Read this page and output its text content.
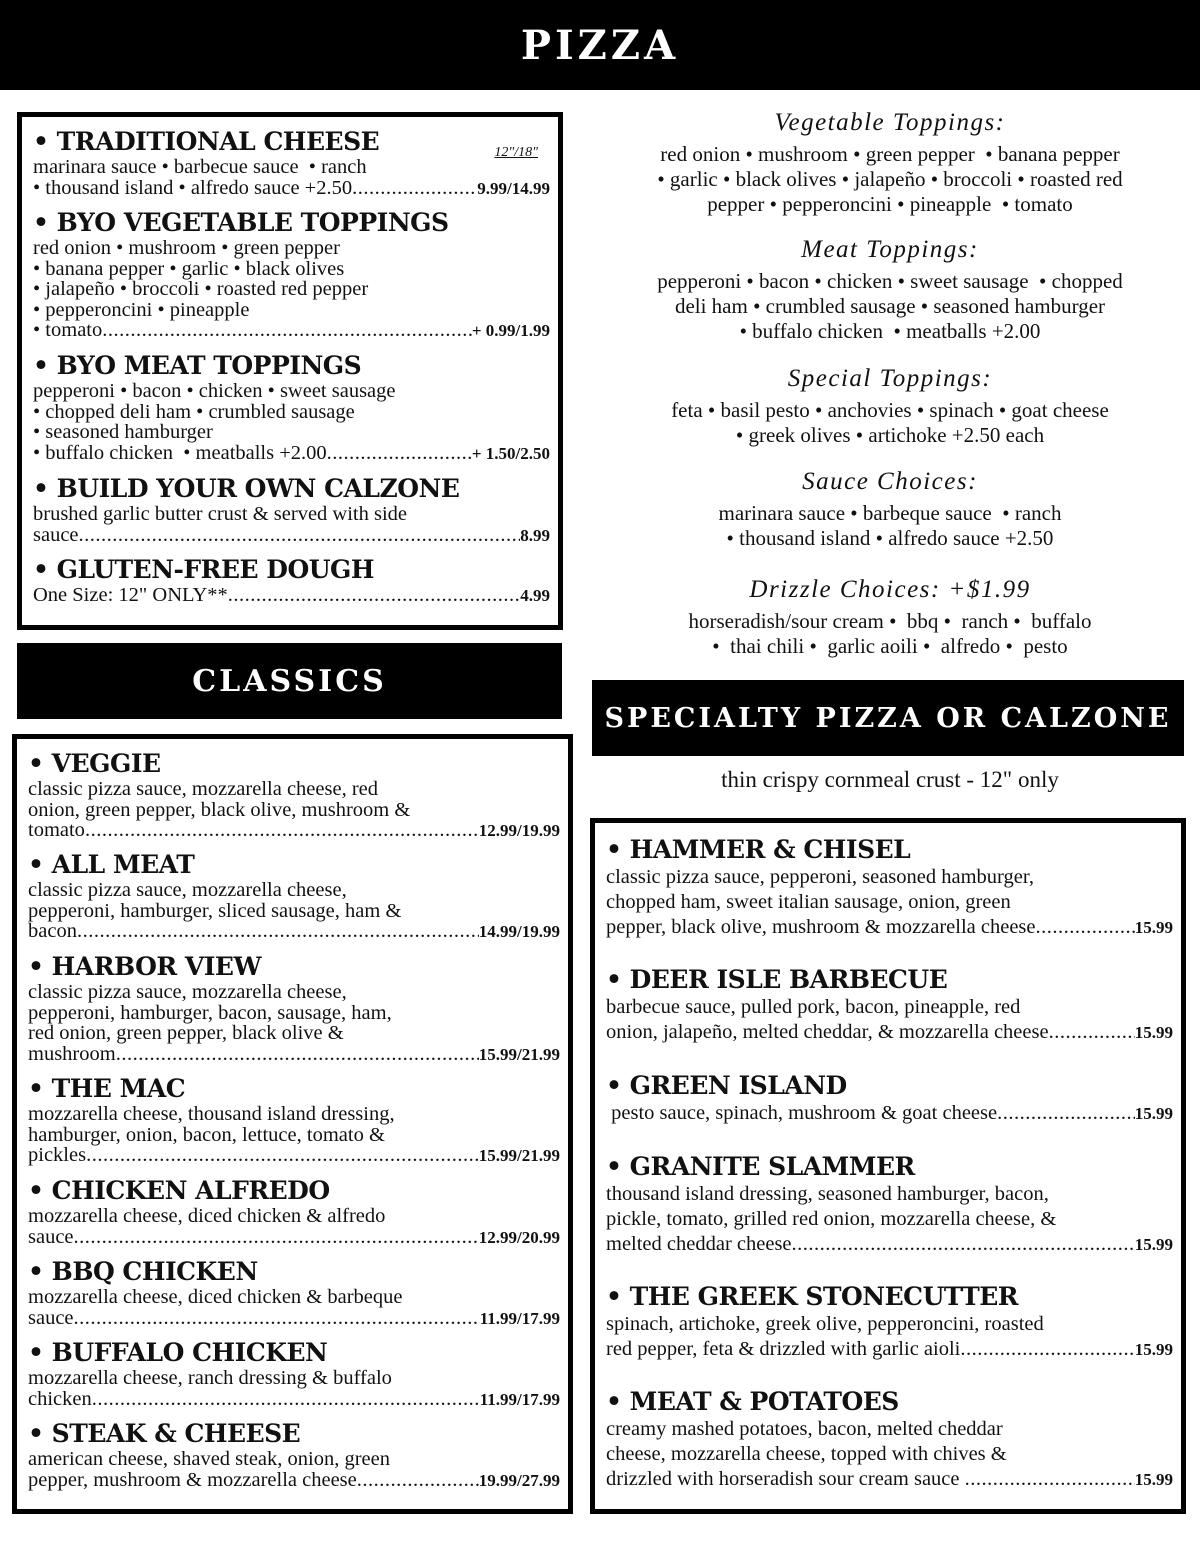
PIZZA
CLASSICS
SPECIALTY PIZZA OR CALZONE
12"/18"
• TRADITIONAL CHEESE
marinara sauce • barbecue sauce  • ranch
• thousand island • alfredo sauce +2.50 .....	9.99/14.99
• BYO VEGETABLE TOPPINGS
red onion • mushroom • green pepper
• banana pepper • garlic • black olives
• jalapeño • broccoli • roasted red pepper
• pepperoncini • pineapple
• tomato .....	+ 0.99/1.99
• BYO MEAT TOPPINGS
pepperoni • bacon • chicken • sweet sausage
• chopped deli ham • crumbled sausage
• seasoned hamburger
• buffalo chicken  • meatballs +2.00 .....	+ 1.50/2.50
• BUILD YOUR OWN CALZONE
brushed garlic butter crust & served with side
sauce .....	8.99
• GLUTEN-FREE DOUGH
One Size: 12" ONLY** .....	4.99
Vegetable Toppings:
red onion • mushroom • green pepper  • banana pepper
• garlic • black olives • jalapeño • broccoli • roasted red
pepper • pepperoncini • pineapple  • tomato
Meat Toppings:
pepperoni • bacon • chicken • sweet sausage  • chopped
deli ham • crumbled sausage • seasoned hamburger
• buffalo chicken  • meatballs +2.00
Special Toppings:
feta • basil pesto • anchovies • spinach • goat cheese
• greek olives • artichoke +2.50 each
Sauce Choices:
marinara sauce • barbeque sauce  • ranch
• thousand island • alfredo sauce +2.50
Drizzle Choices: +$1.99
horseradish/sour cream •  bbq •  ranch •  buffalo
•  thai chili •  garlic aoili •  alfredo •  pesto
• VEGGIE
classic pizza sauce, mozzarella cheese, red
onion, green pepper, black olive, mushroom &
tomato .....	12.99/19.99
• ALL MEAT
classic pizza sauce, mozzarella cheese,
pepperoni, hamburger, sliced sausage, ham &
bacon .....	14.99/19.99
• HARBOR VIEW
classic pizza sauce, mozzarella cheese,
pepperoni, hamburger, bacon, sausage, ham,
red onion, green pepper, black olive &
mushroom .....	15.99/21.99
• THE MAC
mozzarella cheese, thousand island dressing,
hamburger, onion, bacon, lettuce, tomato &
pickles .....	15.99/21.99
• CHICKEN ALFREDO
mozzarella cheese, diced chicken & alfredo
sauce .....	12.99/20.99
• BBQ CHICKEN
mozzarella cheese, diced chicken & barbeque
sauce .....	11.99/17.99
• BUFFALO CHICKEN
mozzarella cheese, ranch dressing & buffalo
chicken .....	11.99/17.99
• STEAK & CHEESE
american cheese, shaved steak, onion, green
pepper, mushroom & mozzarella cheese .....	19.99/27.99
thin crispy cornmeal crust - 12" only
• HAMMER & CHISEL
classic pizza sauce, pepperoni, seasoned hamburger,
chopped ham, sweet italian sausage, onion, green
pepper, black olive, mushroom & mozzarella cheese .....	15.99
• DEER ISLE BARBECUE
barbecue sauce, pulled pork, bacon, pineapple, red
onion, jalapeño, melted cheddar, & mozzarella cheese .....	15.99
• GREEN ISLAND
pesto sauce, spinach, mushroom & goat cheese .....	15.99
• GRANITE SLAMMER
thousand island dressing, seasoned hamburger, bacon,
pickle, tomato, grilled red onion, mozzarella cheese, &
melted cheddar cheese .....	15.99
• THE GREEK STONECUTTER
spinach, artichoke, greek olive, pepperoncini, roasted
red pepper, feta & drizzled with garlic aioli .....	15.99
• MEAT & POTATOES
creamy mashed potatoes, bacon, melted cheddar
cheese, mozzarella cheese, topped with chives &
drizzled with horseradish sour cream sauce .....	15.99
